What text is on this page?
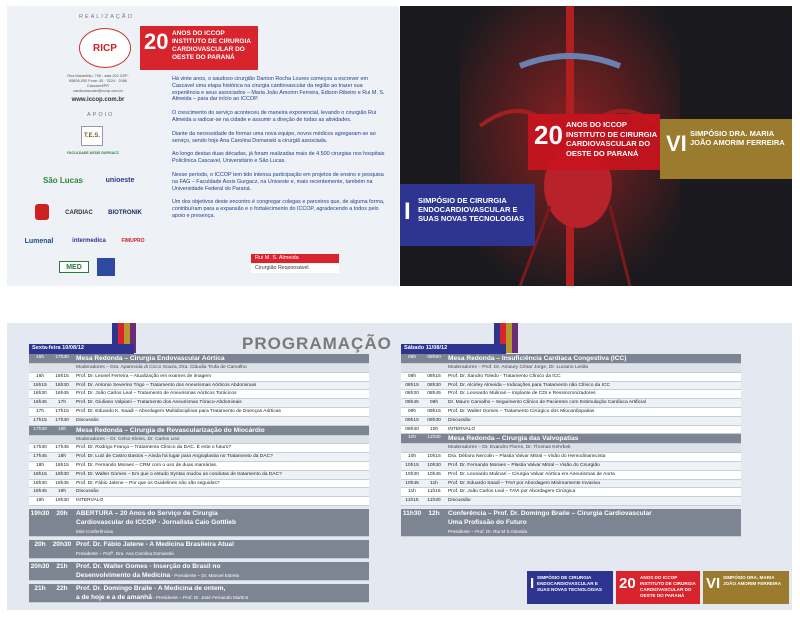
REALIZAÇÃO
RICP
Rua Maranhão, 796 - sala 202 CEP: 85806-050 Fone: 45 · 3224 · 2086 Cascavel/PR cardiovascular@iccop.com.br
www.iccop.com.br
APOIO
T.E.S.
FACULDADE ASSIS GURGACZ
São Lucas	unioeste
CARDIAC	BIOTRONIK
Lumenal	intermedica	FIMUPRO
MED
20 ANOS DO ICCOP INSTITUTO DE CIRURGIA CARDIOVASCULAR DO OESTE DO PARANÁ

Há vinte anos, o saudoso cirurgião Danton Rocha Loures começou a escrever em Cascavel uma etapa histórica na cirurgia cardiovascular da região ao trazer sua experiência e seus associados – Maria João Amorim Ferreira, Edison Ribeiro e Rui M. S. Almeida – para dar início ao ICCOP.

O crescimento do serviço aconteceu de maneira exponencial, levando o cirurgião Rui Almeida a radicar-se na cidade e assumir a direção de todas as atividades.

Diante da necessidade de formar uma nova equipe, novos médicos agregaram-se ao serviço, sendo hoje Ana Carolina Domanski a cirurgiã associada.

Ao longo destas duas décadas, já foram realizadas mais de 4.500 cirurgias nos hospitais Policlínica Cascavel, Universitário e São Lucas.

Nesse período, o ICCOP tem tido intensa participação em projetos de ensino e pesquisa na FAG – Faculdade Assis Gurgacz, na Unioeste e, mais recentemente, também na Universidade Federal do Paraná.

Um dos objetivos deste encontro é congregar colegas e parceiros que, de alguma forma, contribuíram para a expansão e o fortalecimento do ICCOP, agradecendo a todos pelo apoio e presença.

Rui M. S. Almeida
Cirurgião Responsável
20 ANOS DO ICCOP INSTITUTO DE CIRURGIA CARDIOVASCULAR DO OESTE DO PARANÁ
I SIMPÓSIO DE CIRURGIA ENDOCARDIOVASCULAR E SUAS NOVAS TECNOLOGIAS
VI SIMPÓSIO DRA. MARIA JOÃO AMORIM FERREIRA
PROGRAMAÇÃO
Sexta-feira 10/08/12
16h	17h30	Mesa Redonda – Cirurgia Endovascular Aórtica
Moderadores – Dra. Aparecida di Cicco Souza, Dra. Cláudia Trufa de Carvalho
16h	16h15	Prof. Dr. Leonel Ferreira – Atualização em exames de imagem
16h15	16h30	Prof. Dr. Antonio Severino Trigo – Tratamento dos Aneurismas Aórticos Abdominais
16h30	16h45	Prof. Dr. João Carlos Leal – Tratamento de Aneurismas Aórticos Torácicos
16h45	17h	Prof. Dr. Giuliano Volpiani – Tratamento dos Aneurismas Tóraco-Abdominais
17h	17h15	Prof. Dr. Eduardo K. Saadi – Abordagem Multidisciplinar para Tratamento de Doenças Aórticas
17h15	17h30	Discussão
17h30	19h	Mesa Redonda – Cirurgia de Revascularização do Miocárdio
Moderadores – Dr. Celso Kleiss, Dr. Carlos Lise
17h30	17h45	Prof. Dr. Rodrigo França – Tratamento Clínico da DAC. É este o futuro?
17h45	18h	Prof. Dr. Luiz de Castro Bastos – Ainda há lugar para Angioplastia no Tratamento da DAC?
18h	18h15	Prof. Dr. Fernando Moraes – CRM com o uso de duas mamárias.
18h15	18h30	Prof. Dr. Walter Gomes – Em que o estudo Syntax mudou as condutas de tratamento da DAC?
18h30	18h45	Prof. Dr. Fábio Jatene – Por que os Guidelines não são seguidos?
18h45	19h	Discussão
19h	19h30	INTERVALO
19h30	20h	ABERTURA – 20 Anos do Serviço de Cirurgia
Cardiovascular do ICCOP - Jornalista Caio Gottlieb
Mini-Conferências
20h	20h30 Prof. Dr. Fábio Jatene - A Medicina Brasileira Atual
Presidente – Profª. Dra. Ana Carolina Domanski
20h30	21h	Prof. Dr. Walter Gomes - Inserção do Brasil no
Desenvolvimento da Medicina - Presidente – Dr. Manoel Estrela
21h	22h	Prof. Dr. Domingo Braile - A Medicina de ontem,
a de hoje e a de amanhã - Presidente – Prof. Dr. José Fernando Martins
Sábado 11/08/12
08h	09h50	Mesa Redonda – Insuficiência Cardíaca Congestiva (ICC)
Moderadores – Prof. Dr. Amaury César Jorge, Dr. Luciano Leitão
08h	08h15	Prof. Dr. Sandro Toledo - Tratamento Clínico da ICC
08h15	08h30	Prof. Dr. Alcirley Almeida – Indicações para Tratamento não Clínico da ICC
08h30	08h45	Prof. Dr. Leonardo Mulinari – Implante de CDI e Ressincronizadores
08h45	09h	Dr. Mauro Carvalho – Seguimento Clínico de Pacientes com Estimulação Cardíaca Artificial
09h	09h15	Prof. Dr. Walter Gomes – Tratamento Cirúrgico dos Miocardiopatias
09h15	09h30	Discussão
09h30	10h	INTERVALO
10h	11h30	Mesa Redonda – Cirurgia das Valvopatias
Moderadores – Dr. Evandro Flores, Dr. Thomas Kehrbek
10h	10h15	Dra. Débora Nercolin – Plastia Valvar Mitral – Visão do Hemodinamicista
10h15	10h30	Prof. Dr. Fernando Moraes – Plastia Valvar Mitral – Visão do Cirurgião
10h30	10h45	Prof. Dr. Leonardo Mulinari – Cirurgia Valvar Aórtica em Aneurismas de Aorta
10h45	11h	Prof. Dr. Eduardo Saadi – TAVI por Abordagem Minimamente Invasiva
11h	11h15	Prof. Dr. João Carlos Leal – TAVI por Abordagem Cirúrgica
11h15	11h30	Discussão
11h30	12h	Conferência – Prof. Dr. Domingo Braile – Cirurgia Cardiovascular
Uma Profissão do Futuro
Presidente – Prof. Dr. Rui M S Almeida
I SIMPÓSIO DE CIRURGIA ENDOCARDIOVASCULAR E SUAS NOVAS TECNOLOGIAS	20 ANOS DO ICCOP INSTITUTO DE CIRURGIA CARDIOVASCULAR DO OESTE DO PARANÁ
VI SIMPÓSIO DRA. MARIA JOÃO AMORIM FERREIRA
